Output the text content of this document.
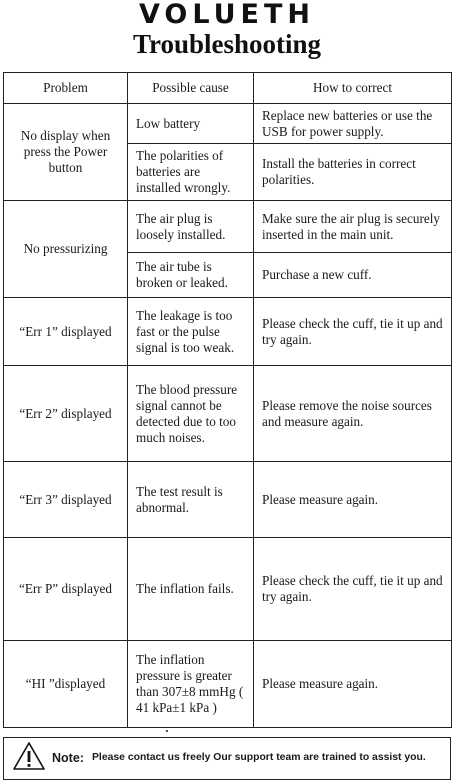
VOLUETH
Troubleshooting
Problem	Possible cause	How to correct
No display when press the Power button	Low battery	Replace new batteries or use the USB for power supply.
	The polarities of batteries are installed wrongly.	Install the batteries in correct polarities.
No pressurizing	The air plug is loosely installed.	Make sure the air plug is securely inserted in the main unit.
	The air tube is broken or leaked.	Purchase a new cuff.
“Err 1” displayed	The leakage is too fast or the pulse signal is too weak.	Please check the cuff, tie it up and try again.
“Err 2” displayed	The blood pressure signal cannot be detected due to too much noises.	Please remove the noise sources and measure again.
“Err 3” displayed	The test result is abnormal.	Please measure again.
“Err P” displayed	The inflation fails.	Please check the cuff, tie it up and try again.
“HI ”displayed	The inflation pressure is greater than 307±8 mmHg ( 41 kPa±1 kPa )	Please measure again.
Note: Please contact us freely Our support team are trained to assist you.
